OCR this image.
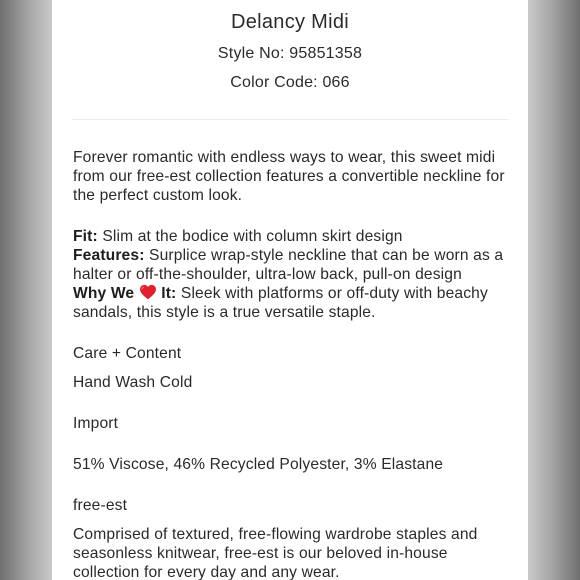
Delancy Midi
Style No: 95851358
Color Code: 066
Forever romantic with endless ways to wear, this sweet midi from our free-est collection features a convertible neckline for the perfect custom look.

Fit: Slim at the bodice with column skirt design

Features: Surplice wrap-style neckline that can be worn as a halter or off-the-shoulder, ultra-low back, pull-on design

Why We It: Sleek with platforms or off-duty with beachy sandals, this style is a true versatile staple.

Care + Content
Hand Wash Cold
Import
51% Viscose, 46% Recycled Polyester, 3% Elastane
free-est
Comprised of textured, free-flowing wardrobe staples and seasonless knitwear, free-est is our beloved in-house collection for every day and any wear.
